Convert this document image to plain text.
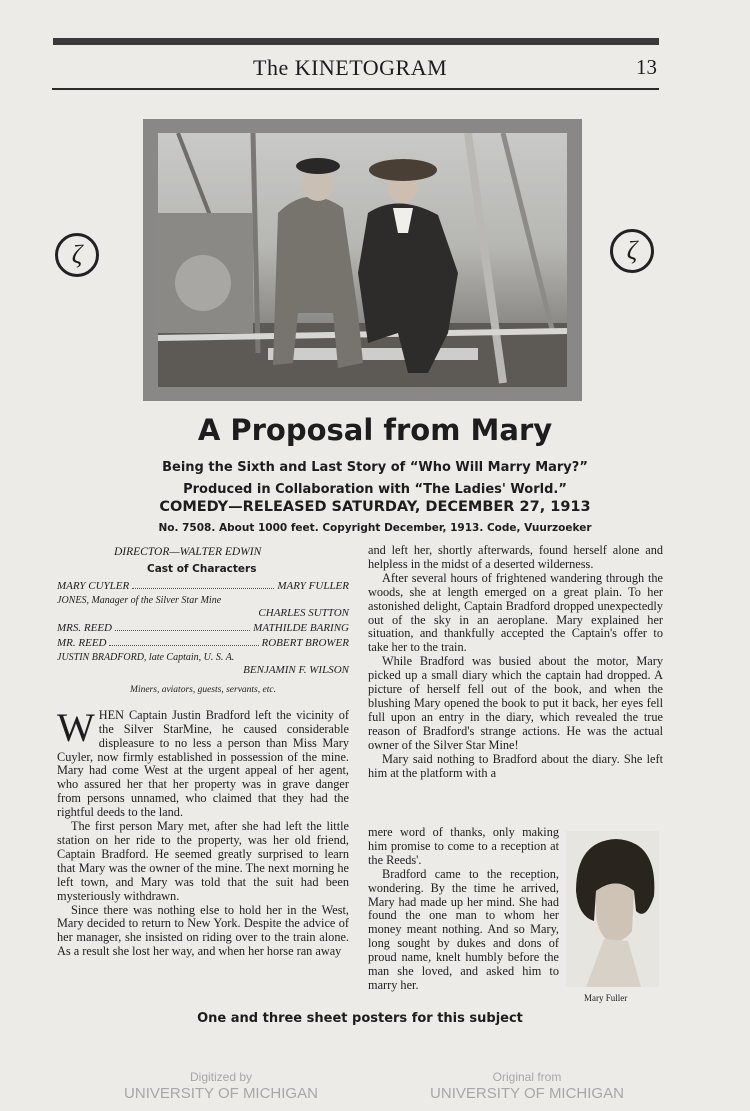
The KINETOGRAM	13
ζ	ζ
A Proposal from Mary
Being the Sixth and Last Story of “Who Will Marry Mary?”
Produced in Collaboration with “The Ladies' World.”
COMEDY—RELEASED SATURDAY, DECEMBER 27, 1913
No. 7508. About 1000 feet. Copyright December, 1913. Code, Vuurzoeker
DIRECTOR—WALTER EDWIN
Cast of Characters
MARY CUYLER	MARY FULLER
JONES, Manager of the Silver Star Mine
CHARLES SUTTON
MRS. REED	MATHILDE BARING
MR. REED	ROBERT BROWER
JUSTIN BRADFORD, late Captain, U. S. A.
BENJAMIN F. WILSON
Miners, aviators, guests, servants, etc.

WHEN Captain Justin Bradford left the vicinity of the Silver StarMine, he caused considerable displeasure to no less a person than Miss Mary Cuyler, now firmly established in possession of the mine. Mary had come West at the urgent appeal of her agent, who assured her that her property was in grave danger from persons unnamed, who claimed that they had the rightful deeds to the land.

The first person Mary met, after she had left the little station on her ride to the property, was her old friend, Captain Bradford. He seemed greatly surprised to learn that Mary was the owner of the mine. The next morning he left town, and Mary was told that the suit had been mysteriously withdrawn.

Since there was nothing else to hold her in the West, Mary decided to return to New York. Despite the advice of her manager, she insisted on riding over to the train alone. As a result she lost her way, and when her horse ran away

and left her, shortly afterwards, found herself alone and helpless in the midst of a deserted wilderness.

After several hours of frightened wandering through the woods, she at length emerged on a great plain. To her astonished delight, Captain Bradford dropped unexpectedly out of the sky in an aeroplane. Mary explained her situation, and thankfully accepted the Captain's offer to take her to the train.

While Bradford was busied about the motor, Mary picked up a small diary which the captain had dropped. A picture of herself fell out of the book, and when the blushing Mary opened the book to put it back, her eyes fell full upon an entry in the diary, which revealed the true reason of Bradford's strange actions. He was the actual owner of the Silver Star Mine!

Mary said nothing to Bradford about the diary. She left him at the platform with a

mere word of thanks, only making him promise to come to a reception at the Reeds'.

Bradford came to the reception, wondering. By the time he arrived, Mary had made up her mind. She had found the one man to whom her money meant nothing. And so Mary, long sought by dukes and dons of proud name, knelt humbly before the man she loved, and asked him to marry her.

Mary Fuller
One and three sheet posters for this subject
Digitized by
UNIVERSITY OF MICHIGAN
Original from
UNIVERSITY OF MICHIGAN
